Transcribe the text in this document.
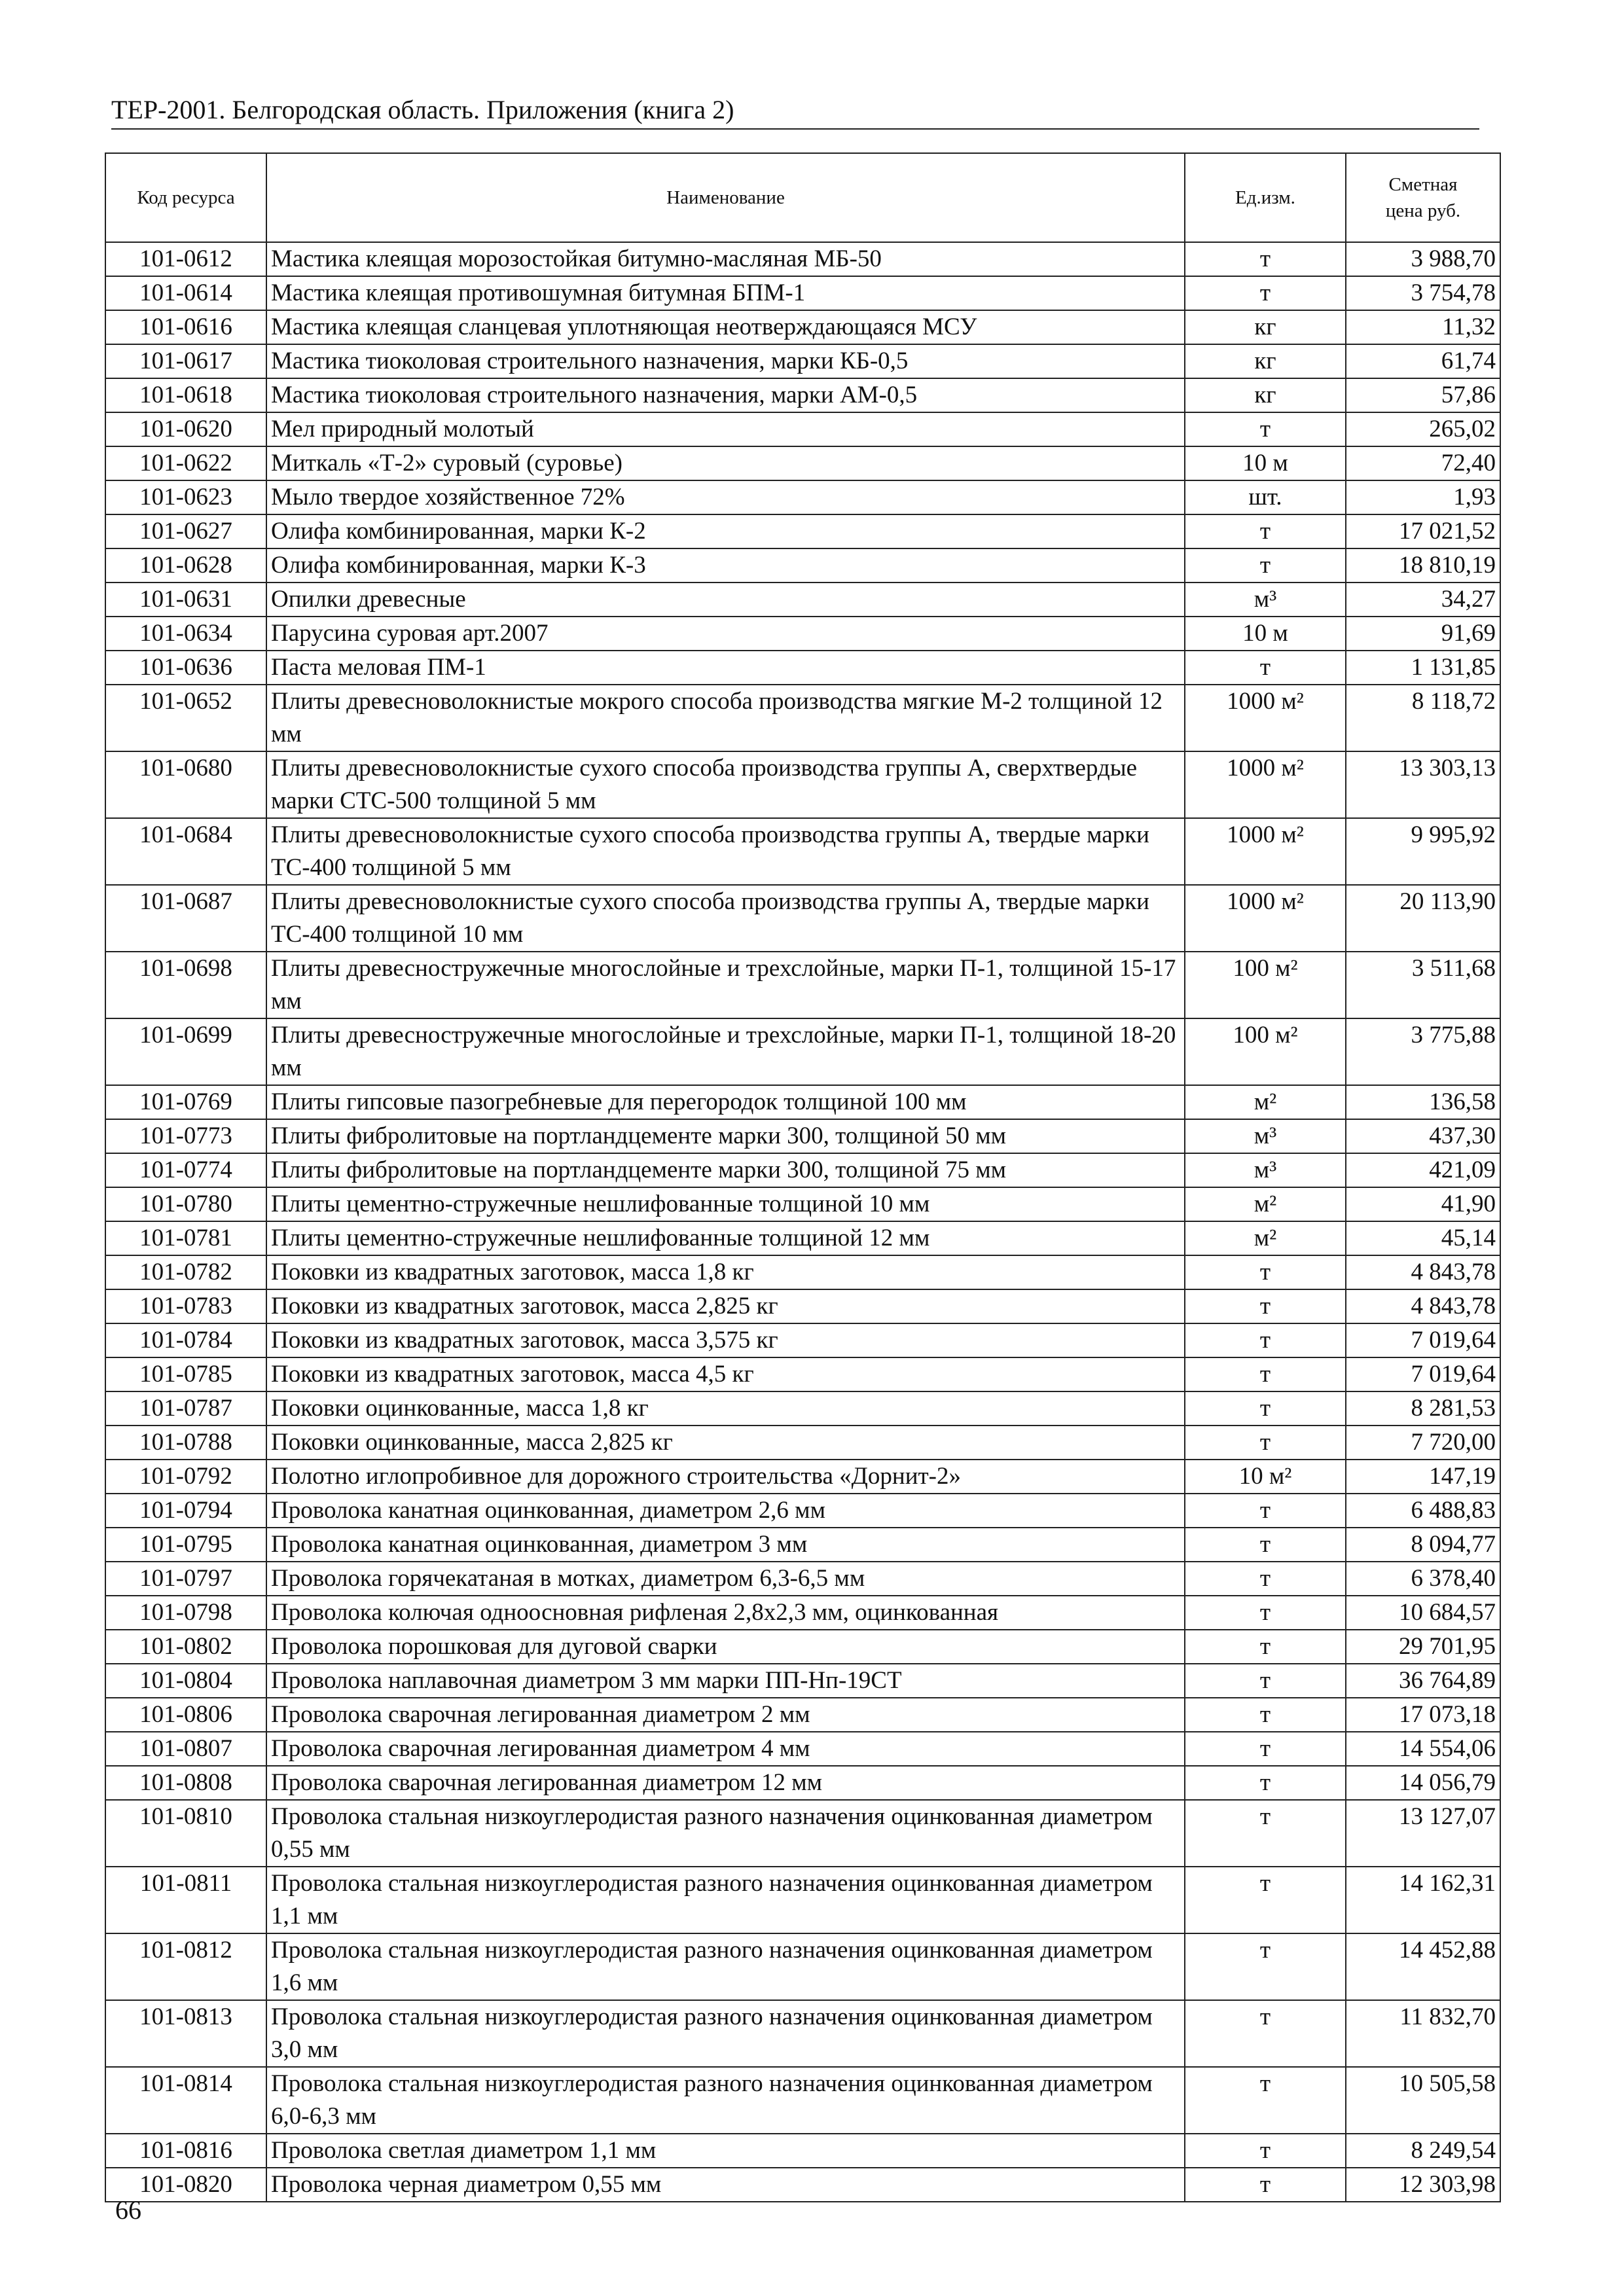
ТЕР-2001. Белгородская область. Приложения (книга 2)
Код ресурса	Наименование	Ед.изм.	Сметная цена руб.

101-0612	Мастика клеящая морозостойкая битумно-масляная МБ-50	т	3 988,70
101-0614	Мастика клеящая противошумная битумная БПМ-1	т	3 754,78
101-0616	Мастика клеящая сланцевая уплотняющая неотверждающаяся МСУ	кг	11,32
101-0617	Мастика тиоколовая строительного назначения, марки КБ-0,5	кг	61,74
101-0618	Мастика тиоколовая строительного назначения, марки АМ-0,5	кг	57,86
101-0620	Мел природный молотый	т	265,02
101-0622	Миткаль «Т-2» суровый (суровье)	10 м	72,40
101-0623	Мыло твердое хозяйственное 72%	шт.	1,93
101-0627	Олифа комбинированная, марки К-2	т	17 021,52
101-0628	Олифа комбинированная, марки К-3	т	18 810,19
101-0631	Опилки древесные	м³	34,27
101-0634	Парусина суровая арт.2007	10 м	91,69
101-0636	Паста меловая ПМ-1	т	1 131,85
101-0652	Плиты древесноволокнистые мокрого способа производства мягкие М-2 толщиной 12 мм	1000 м²	8 118,72
101-0680	Плиты древесноволокнистые сухого способа производства группы А, сверхтвердые марки СТС-500 толщиной 5 мм	1000 м²	13 303,13
101-0684	Плиты древесноволокнистые сухого способа производства группы А, твердые марки ТС-400 толщиной 5 мм	1000 м²	9 995,92
101-0687	Плиты древесноволокнистые сухого способа производства группы А, твердые марки ТС-400 толщиной 10 мм	1000 м²	20 113,90
101-0698	Плиты древесностружечные многослойные и трехслойные, марки П-1, толщиной 15-17 мм	100 м²	3 511,68
101-0699	Плиты древесностружечные многослойные и трехслойные, марки П-1, толщиной 18-20 мм	100 м²	3 775,88
101-0769	Плиты гипсовые пазогребневые для перегородок толщиной 100 мм	м²	136,58
101-0773	Плиты фибролитовые на портландцементе марки 300, толщиной 50 мм	м³	437,30
101-0774	Плиты фибролитовые на портландцементе марки 300, толщиной 75 мм	м³	421,09
101-0780	Плиты цементно-стружечные нешлифованные толщиной 10 мм	м²	41,90
101-0781	Плиты цементно-стружечные нешлифованные толщиной 12 мм	м²	45,14
101-0782	Поковки из квадратных заготовок, масса 1,8 кг	т	4 843,78
101-0783	Поковки из квадратных заготовок, масса 2,825 кг	т	4 843,78
101-0784	Поковки из квадратных заготовок, масса 3,575 кг	т	7 019,64
101-0785	Поковки из квадратных заготовок, масса 4,5 кг	т	7 019,64
101-0787	Поковки оцинкованные, масса 1,8 кг	т	8 281,53
101-0788	Поковки оцинкованные, масса 2,825 кг	т	7 720,00
101-0792	Полотно иглопробивное для дорожного строительства «Дорнит-2»	10 м²	147,19
101-0794	Проволока канатная оцинкованная, диаметром 2,6 мм	т	6 488,83
101-0795	Проволока канатная оцинкованная, диаметром 3 мм	т	8 094,77
101-0797	Проволока горячекатаная в мотках, диаметром 6,3-6,5 мм	т	6 378,40
101-0798	Проволока колючая одноосновная рифленая 2,8х2,3 мм, оцинкованная	т	10 684,57
101-0802	Проволока порошковая для дуговой сварки	т	29 701,95
101-0804	Проволока наплавочная диаметром 3 мм марки ПП-Нп-19СТ	т	36 764,89
101-0806	Проволока сварочная легированная диаметром 2 мм	т	17 073,18
101-0807	Проволока сварочная легированная диаметром 4 мм	т	14 554,06
101-0808	Проволока сварочная легированная диаметром 12 мм	т	14 056,79
101-0810	Проволока стальная низкоуглеродистая разного назначения оцинкованная диаметром 0,55 мм	т	13 127,07
101-0811	Проволока стальная низкоуглеродистая разного назначения оцинкованная диаметром 1,1 мм	т	14 162,31
101-0812	Проволока стальная низкоуглеродистая разного назначения оцинкованная диаметром 1,6 мм	т	14 452,88
101-0813	Проволока стальная низкоуглеродистая разного назначения оцинкованная диаметром 3,0 мм	т	11 832,70
101-0814	Проволока стальная низкоуглеродистая разного назначения оцинкованная диаметром 6,0-6,3 мм	т	10 505,58
101-0816	Проволока светлая диаметром 1,1 мм	т	8 249,54
101-0820	Проволока черная диаметром 0,55 мм	т	12 303,98
66
